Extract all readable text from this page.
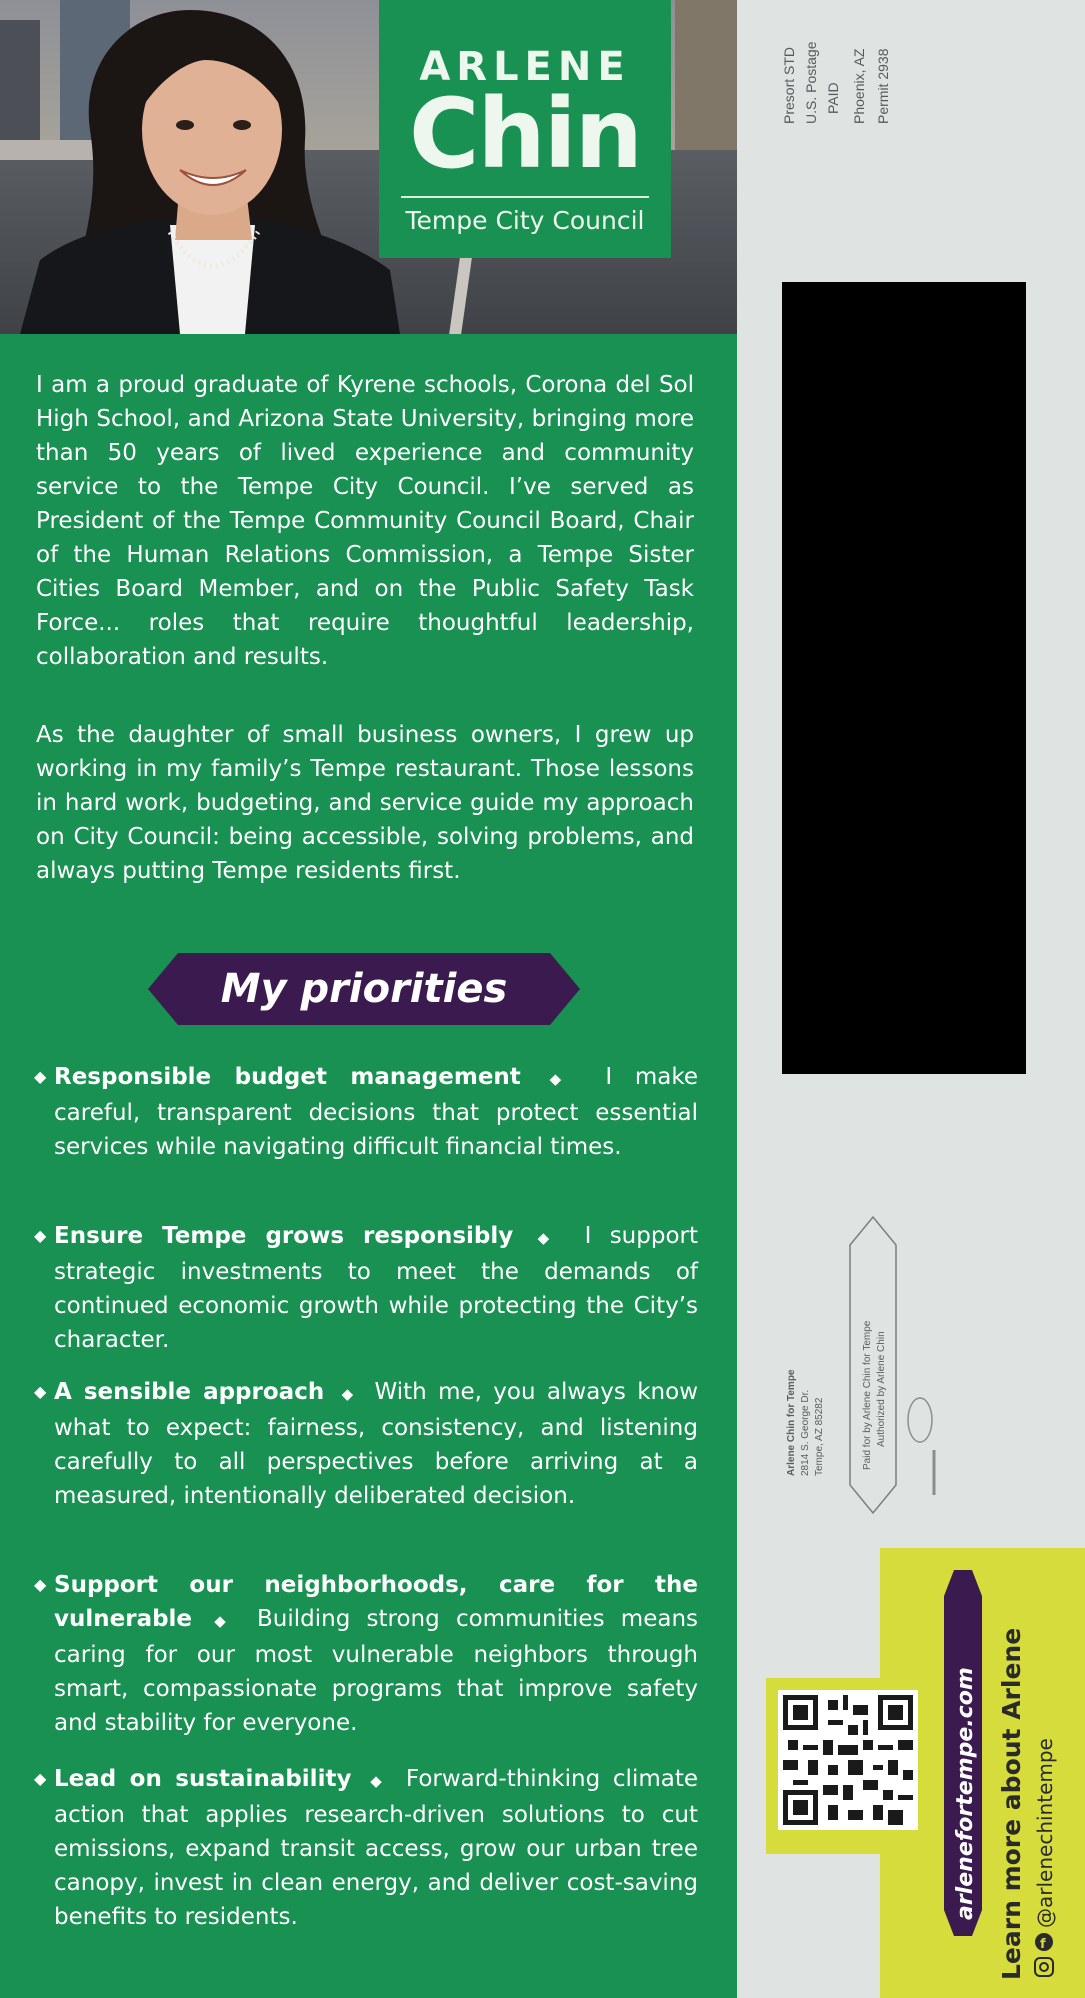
ARLENE
Chin
Tempe City Council

I am a proud graduate of Kyrene schools, Corona del Sol High School, and Arizona State University, bringing more than 50 years of lived experience and community service to the Tempe City Council. I’ve served as President of the Tempe Community Council Board, Chair of the Human Relations Commission, a Tempe Sister Cities Board Member, and on the Public Safety Task Force... roles that require thoughtful leadership, collaboration and results.

As the daughter of small business owners, I grew up working in my family’s Tempe restaurant. Those lessons in hard work, budgeting, and service guide my approach on City Council: being accessible, solving problems, and always putting Tempe residents first.

My priorities
◆ Responsible budget management ◆ I make careful, transparent decisions that protect essential services while navigating difficult financial times.
◆ Ensure Tempe grows responsibly ◆ I support strategic investments to meet the demands of continued economic growth while protecting the City’s character.
◆ A sensible approach ◆ With me, you always know what to expect: fairness, consistency, and listening carefully to all perspectives before arriving at a measured, intentionally deliberated decision.
◆ Support our neighborhoods, care for the vulnerable ◆ Building strong communities means caring for our most vulnerable neighbors through smart, compassionate programs that improve safety and stability for everyone.
◆ Lead on sustainability ◆ Forward-thinking climate action that applies research-driven solutions to cut emissions, expand transit access, grow our urban tree canopy, invest in clean energy, and deliver cost-saving benefits to residents.
Presort STD U.S. Postage PAID Phoenix, AZ Permit 2938
Arlene Chin for Tempe 2814 S. George Dr. Tempe, AZ 85282	Paid for by Arlene Chin for Tempe Authorized by Arlene Chin
arlenefortempe.com Learn more about Arlene f
@arlenechintempe
